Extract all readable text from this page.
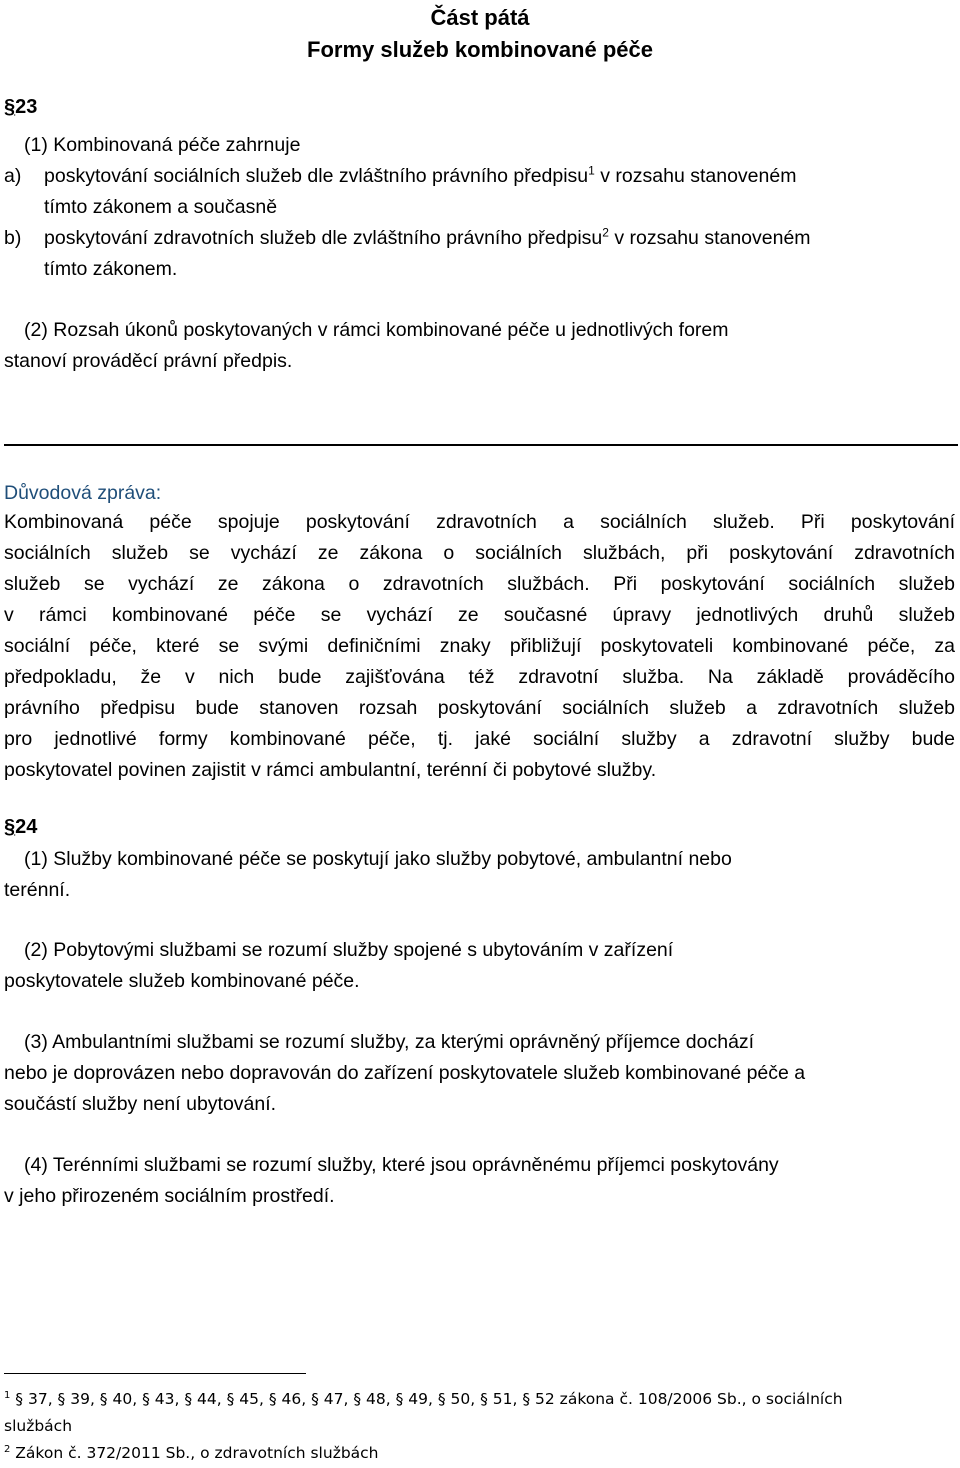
Část pátá
Formy služeb kombinované péče
§23
(1) Kombinovaná péče zahrnuje
a) poskytování sociálních služeb dle zvláštního právního předpisu$^1$ v rozsahu stanoveném
tímto zákonem a současně
b) poskytování zdravotních služeb dle zvláštního právního předpisu$^2$ v rozsahu stanoveném
tímto zákonem.
(2) Rozsah úkonů poskytovaných v rámci kombinované péče u jednotlivých forem
stanoví prováděcí právní předpis.
Důvodová zpráva:
Kombinovaná péče spojuje poskytování zdravotních a sociálních služeb. Při poskytování
sociálních služeb se vychází ze zákona o sociálních službách, při poskytování zdravotních
služeb se vychází ze zákona o zdravotních službách. Při poskytování sociálních služeb
v rámci kombinované péče se vychází ze současné úpravy jednotlivých druhů služeb
sociální péče, které se svými definičními znaky přibližují poskytovateli kombinované péče, za
předpokladu, že v nich bude zajišťována též zdravotní služba. Na základě prováděcího
právního předpisu bude stanoven rozsah poskytování sociálních služeb a zdravotních služeb
pro jednotlivé formy kombinované péče, tj. jaké sociální služby a zdravotní služby bude
poskytovatel povinen zajistit v rámci ambulantní, terénní či pobytové služby.
§24
(1) Služby kombinované péče se poskytují jako služby pobytové, ambulantní nebo
terénní.
(2) Pobytovými službami se rozumí služby spojené s ubytováním v zařízení
poskytovatele služeb kombinované péče.
(3) Ambulantními službami se rozumí služby, za kterými oprávněný příjemce dochází
nebo je doprovázen nebo dopravován do zařízení poskytovatele služeb kombinované péče a
součástí služby není ubytování.
(4) Terénními službami se rozumí služby, které jsou oprávněnému příjemci poskytovány
v jeho přirozeném sociálním prostředí.
$^1$ § 37, § 39, § 40, § 43, § 44, § 45, § 46, § 47, § 48, § 49, § 50, § 51, § 52 zákona č. 108/2006 Sb., o sociálních
službách
$^2$ Zákon č. 372/2011 Sb., o zdravotních službách
